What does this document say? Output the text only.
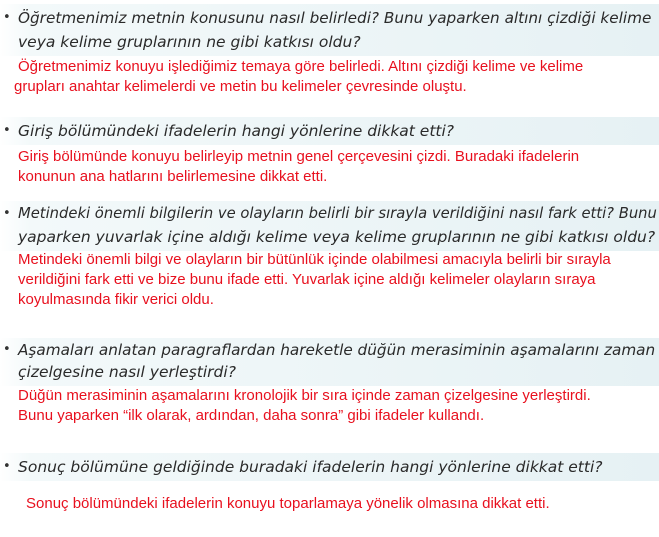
• Öğretmenimiz metnin konusunu nasıl belirledi? Bunu yaparken altını çizdiği kelime
veya kelime gruplarının ne gibi katkısı oldu?
Öğretmenimiz konuyu işlediğimiz temaya göre belirledi. Altını çizdiği kelime ve kelime
grupları anahtar kelimelerdi ve metin bu kelimeler çevresinde oluştu.
• Giriş bölümündeki ifadelerin hangi yönlerine dikkat etti?
Giriş bölümünde konuyu belirleyip metnin genel çerçevesini çizdi. Buradaki ifadelerin
konunun ana hatlarını belirlemesine dikkat etti.
• Metindeki önemli bilgilerin ve olayların belirli bir sırayla verildiğini nasıl fark etti? Bunu
yaparken yuvarlak içine aldığı kelime veya kelime gruplarının ne gibi katkısı oldu?
Metindeki önemli bilgi ve olayların bir bütünlük içinde olabilmesi amacıyla belirli bir sırayla
verildiğini fark etti ve bize bunu ifade etti. Yuvarlak içine aldığı kelimeler olayların sıraya
koyulmasında fikir verici oldu.
• Aşamaları anlatan paragraflardan hareketle düğün merasiminin aşamalarını zaman
çizelgesine nasıl yerleştirdi?
Düğün merasiminin aşamalarını kronolojik bir sıra içinde zaman çizelgesine yerleştirdi.
Bunu yaparken “ilk olarak, ardından, daha sonra” gibi ifadeler kullandı.
• Sonuç bölümüne geldiğinde buradaki ifadelerin hangi yönlerine dikkat etti?
Sonuç bölümündeki ifadelerin konuyu toparlamaya yönelik olmasına dikkat etti.
